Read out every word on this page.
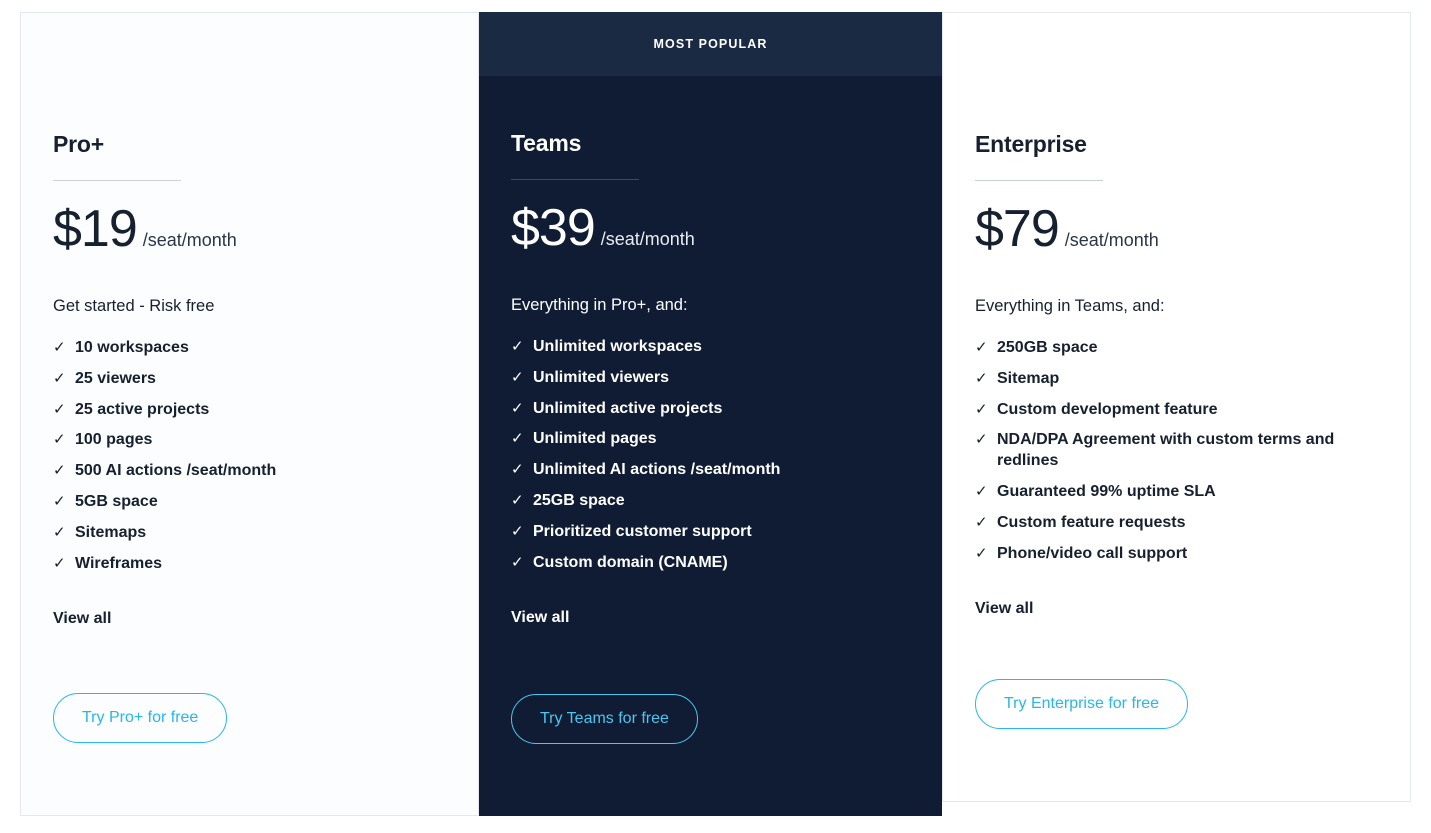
Pro+
$19 /seat/month
Get started - Risk free
✓ 10 workspaces
✓ 25 viewers
✓ 25 active projects
✓ 100 pages
✓ 500 AI actions /seat/month
✓ 5GB space
✓ Sitemaps
✓ Wireframes
View all
Try Pro+ for free
MOST POPULAR
Teams
$39 /seat/month
Everything in Pro+, and:
✓ Unlimited workspaces
✓ Unlimited viewers
✓ Unlimited active projects
✓ Unlimited pages
✓ Unlimited AI actions /seat/month
✓ 25GB space
✓ Prioritized customer support
✓ Custom domain (CNAME)
View all
Try Teams for free
Enterprise
$79 /seat/month
Everything in Teams, and:
✓ 250GB space
✓ Sitemap
✓ Custom development feature
✓ NDA/DPA Agreement with custom terms and redlines
✓ Guaranteed 99% uptime SLA
✓ Custom feature requests
✓ Phone/video call support
View all
Try Enterprise for free
